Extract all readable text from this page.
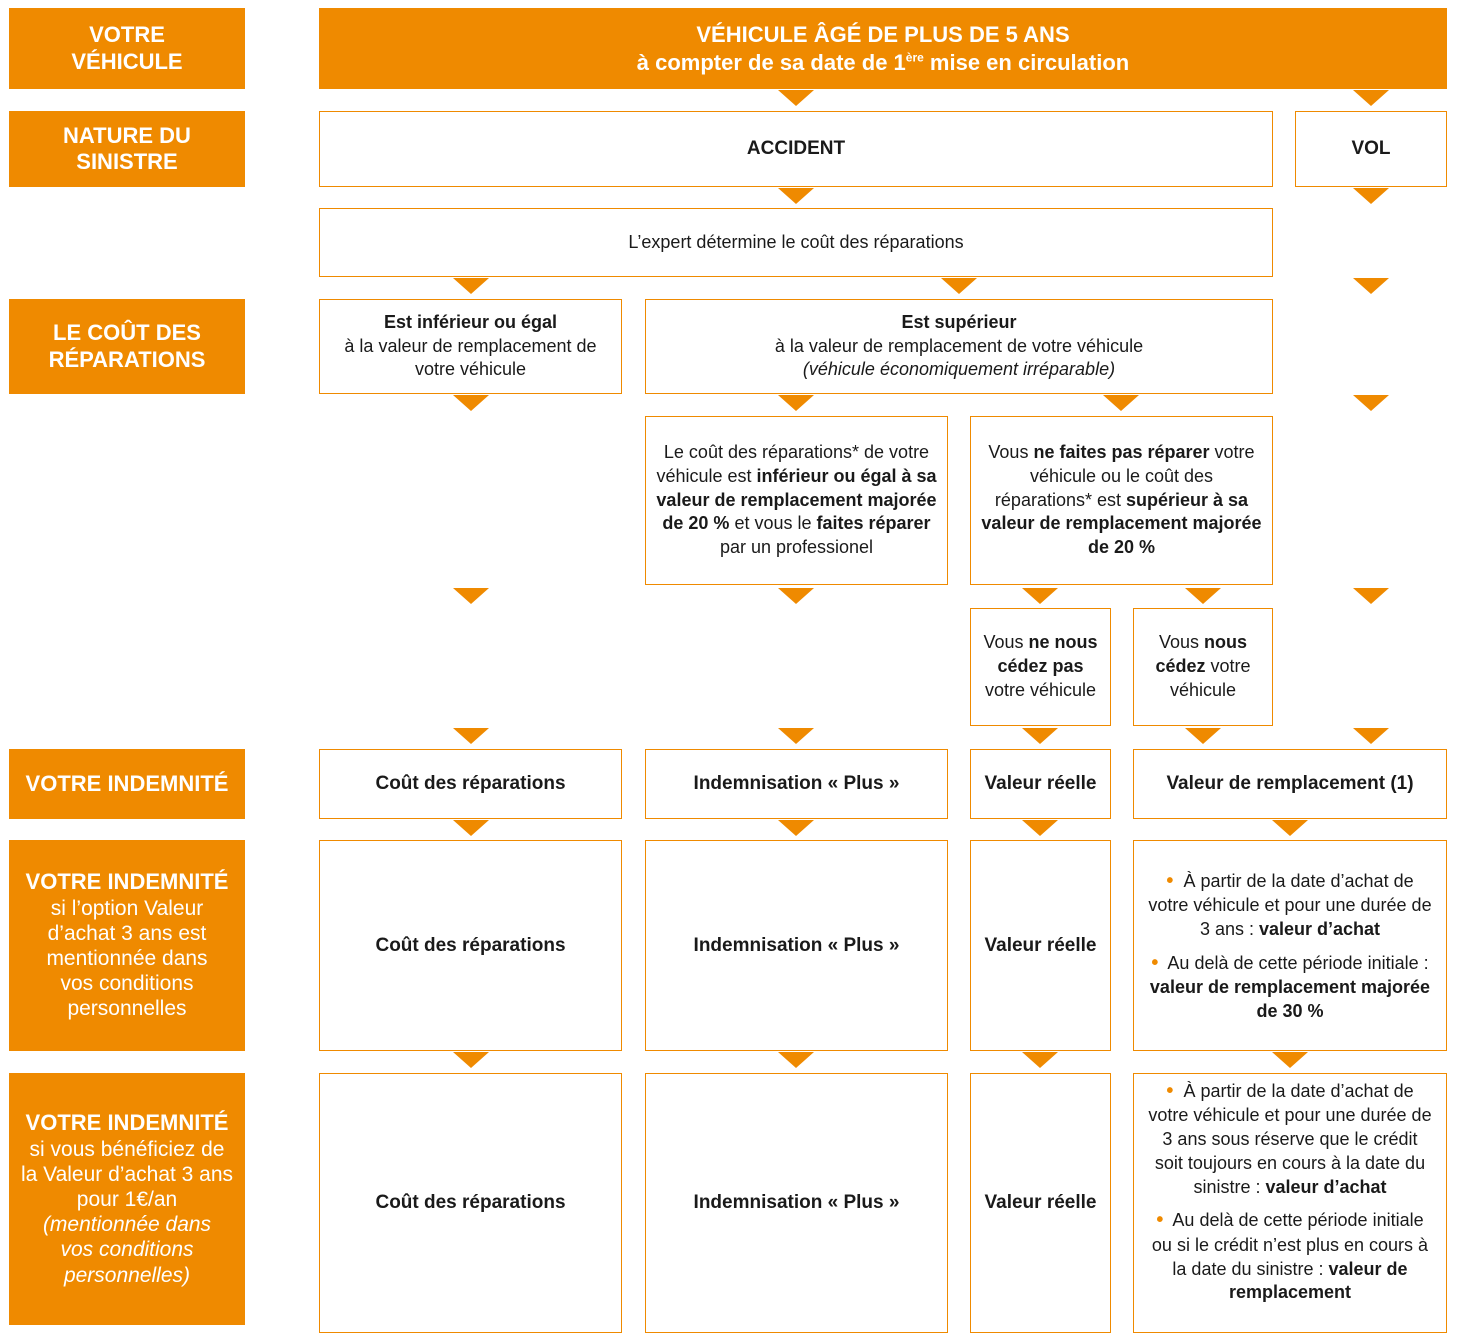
VOTRE VÉHICULE
NATURE DU SINISTRE
LE COÛT DES RÉPARATIONS
VOTRE INDEMNITÉ
VOTRE INDEMNITÉ
si l’option Valeur d’achat 3 ans est mentionnée dans vos conditions personnelles
VOTRE INDEMNITÉ
si vous bénéficiez de la Valeur d’achat 3 ans pour 1€/an
(mentionnée dans vos conditions personnelles)
VÉHICULE ÂGÉ DE PLUS DE 5 ANS
à compter de sa date de 1ère mise en circulation
ACCIDENT	VOL
L’expert détermine le coût des réparations
Est inférieur ou égal
à la valeur de remplacement de votre véhicule
Est supérieur
à la valeur de remplacement de votre véhicule
(véhicule économiquement irréparable)
Le coût des réparations* de votre véhicule est inférieur ou égal à sa valeur de remplacement majorée de 20 % et vous le faites réparer par un professionel
Vous ne faites pas réparer votre véhicule ou le coût des réparations* est supérieur à sa valeur de remplacement majorée de 20 %
Vous ne nous cédez pas votre véhicule
Vous nous cédez votre véhicule
Coût des réparations	Indemnisation « Plus »	Valeur réelle	Valeur de remplacement (1)
Coût des réparations	Indemnisation « Plus »	Valeur réelle
• À partir de la date d’achat de votre véhicule et pour une durée de 3 ans : valeur d’achat
• Au delà de cette période initiale : valeur de remplacement majorée de 30 %
Coût des réparations	Indemnisation « Plus »	Valeur réelle
• À partir de la date d’achat de votre véhicule et pour une durée de 3 ans sous réserve que le crédit soit toujours en cours à la date du sinistre : valeur d’achat
• Au delà de cette période initiale ou si le crédit n’est plus en cours à la date du sinistre : valeur de remplacement
